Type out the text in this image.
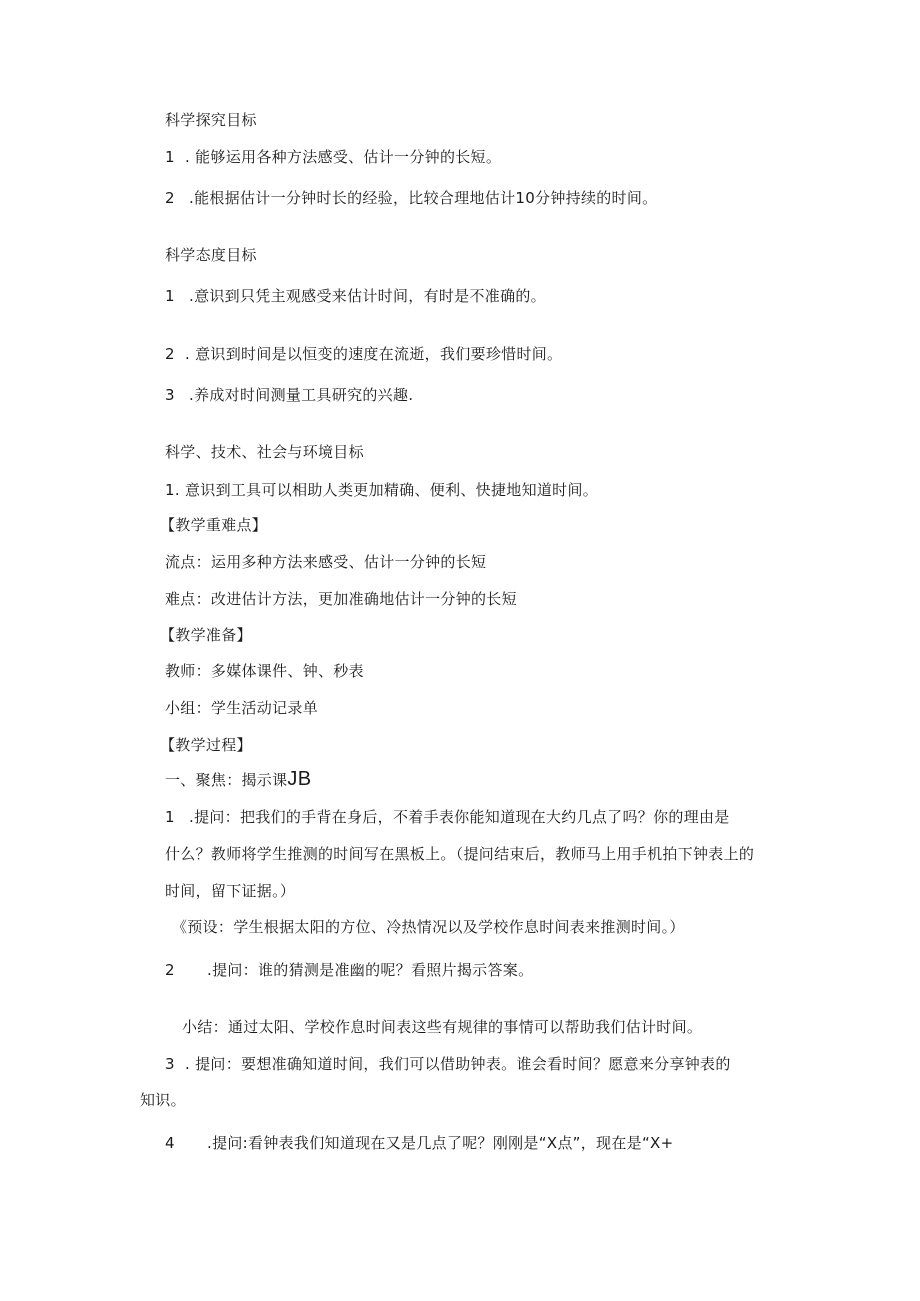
科学探究目标
1 . 能够运用各种方法感受、估计一分钟的长短。
2 .能根据估计一分钟时长的经验，比较合理地估计10分钟持续的时间。
科学态度目标
1 .意识到只凭主观感受来估计时间，有时是不准确的。
2 . 意识到时间是以恒变的速度在流逝，我们要珍惜时间。
3 .养成对时间测量工具研究的兴趣.
科学、技术、社会与环境目标
1. 意识到工具可以相助人类更加精确、便利、快捷地知道时间。
【教学重难点】
流点：运用多种方法来感受、估计一分钟的长短
难点：改进估计方法，更加准确地估计一分钟的长短
【教学准备】
教师：多媒体课件、钟、秒表
小组：学生活动记录单
【教学过程】
一、聚焦：揭示课JB
1 .提问：把我们的手背在身后，不着手表你能知道现在大约几点了吗？你的理由是
什么？教师将学生推测的时间写在黑板上。（提问结束后，教师马上用手机拍下钟表上的
时间，留下证据。）
《预设：学生根据太阳的方位、冷热情况以及学校作息时间表来推测时间。）
2 .提问：谁的猜测是准幽的呢？看照片揭示答案。
小结：通过太阳、学校作息时间表这些有规律的事情可以帮助我们估计时间。
3 . 提问：要想准确知道时间，我们可以借助钟表。谁会看时间？愿意来分享钟表的
知识。
4 .提问:看钟表我们知道现在又是几点了呢？刚刚是“X点”，现在是“X+
